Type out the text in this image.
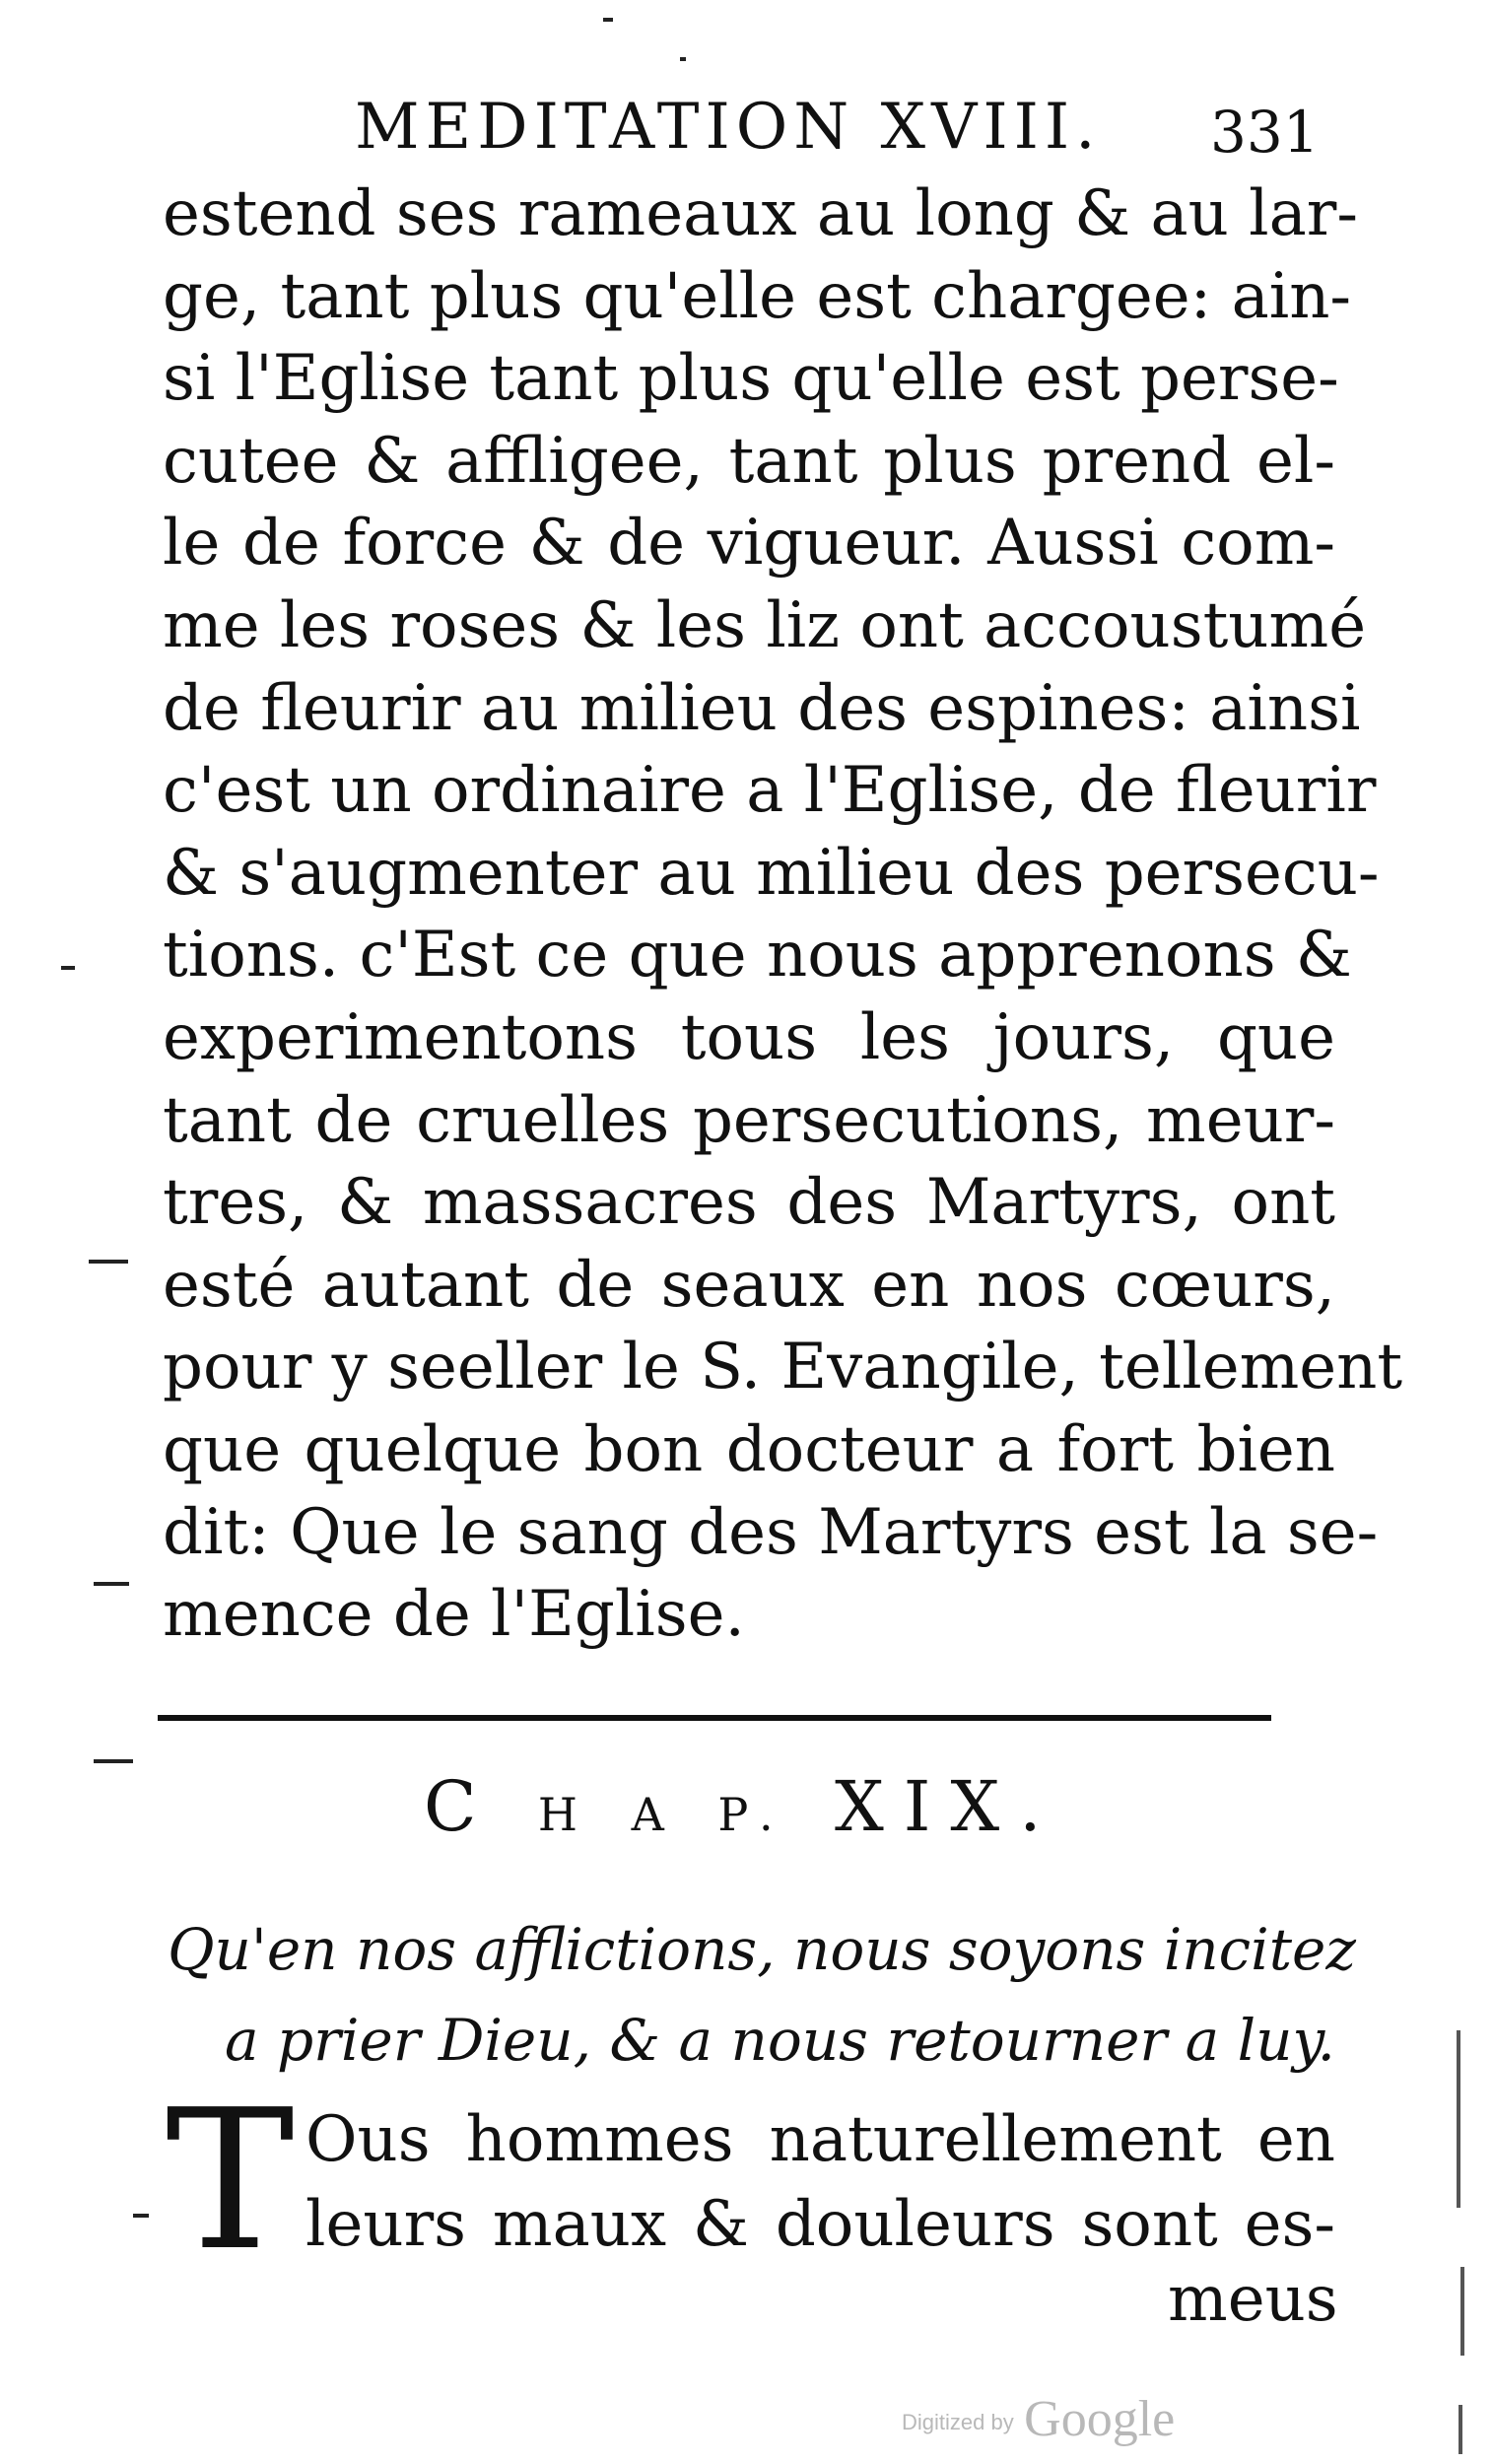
MEDITATION XVIII. 331
estend ses rameaux au long & au lar-
ge, tant plus qu'elle est chargee: ain-
si l'Eglise tant plus qu'elle est perse-
cutee & affligee, tant plus prend el-
le de force & de vigueur. Aussi com-
me les roses & les liz ont accoustumé
de fleurir au milieu des espines: ainsi
c'est un ordinaire a l'Eglise, de fleurir
& s'augmenter au milieu des persecu-
tions. c'Est ce que nous apprenons &
experimentons tous les jours, que
tant de cruelles persecutions, meur-
tres, & massacres des Martyrs, ont
esté autant de seaux en nos cœurs,
pour y seeller le S. Evangile, tellement
que quelque bon docteur a fort bien
dit: Que le sang des Martyrs est la se-
mence de l'Eglise.
C H A P. XIX.
Qu'en nos afflictions, nous soyons incitez
a prier Dieu, & a nous retourner a luy.
T Ous hommes naturellement en
leurs maux & douleurs sont es-
meus
Digitized by Google
